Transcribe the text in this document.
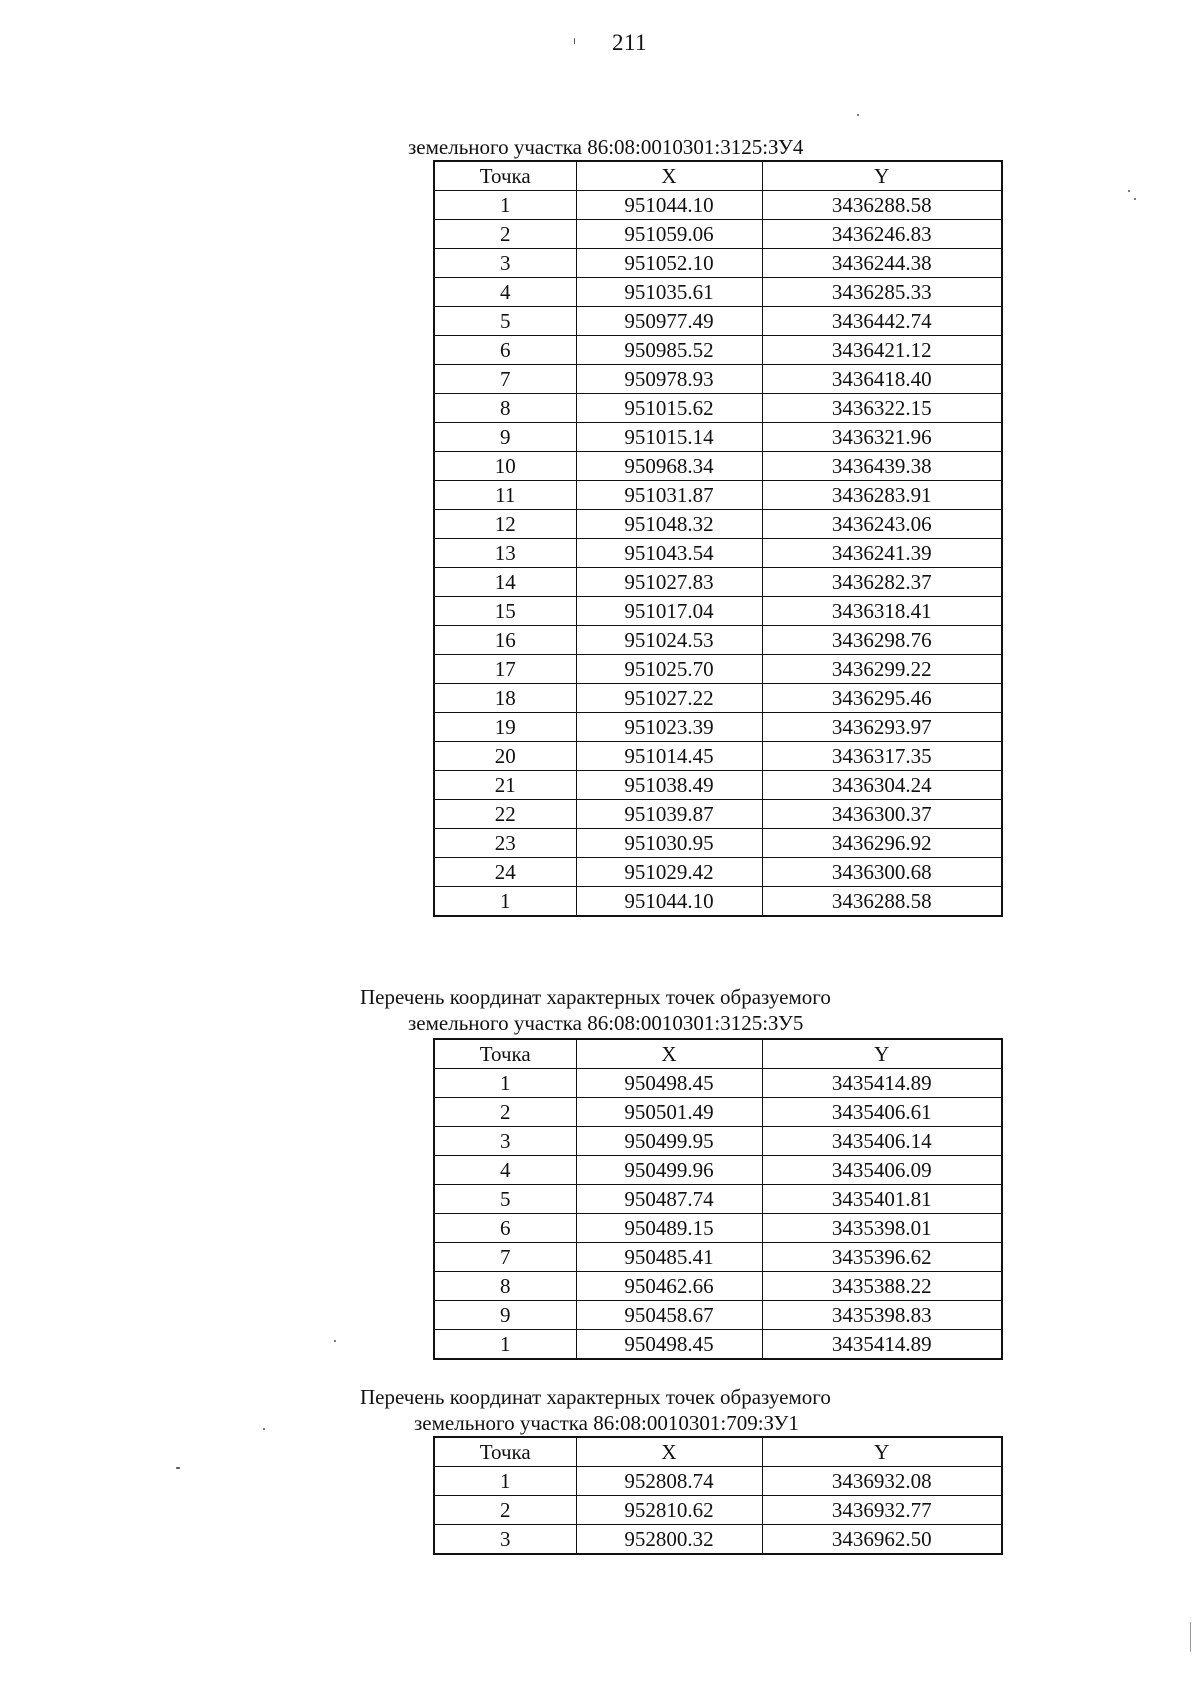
211
земельного участка 86:08:0010301:3125:ЗУ4
Точка	X	Y
1	951044.10	3436288.58
2	951059.06	3436246.83
3	951052.10	3436244.38
4	951035.61	3436285.33
5	950977.49	3436442.74
6	950985.52	3436421.12
7	950978.93	3436418.40
8	951015.62	3436322.15
9	951015.14	3436321.96
10	950968.34	3436439.38
11	951031.87	3436283.91
12	951048.32	3436243.06
13	951043.54	3436241.39
14	951027.83	3436282.37
15	951017.04	3436318.41
16	951024.53	3436298.76
17	951025.70	3436299.22
18	951027.22	3436295.46
19	951023.39	3436293.97
20	951014.45	3436317.35
21	951038.49	3436304.24
22	951039.87	3436300.37
23	951030.95	3436296.92
24	951029.42	3436300.68
1	951044.10	3436288.58
Перечень координат характерных точек образуемого
земельного участка 86:08:0010301:3125:ЗУ5
Точка	X	Y
1	950498.45	3435414.89
2	950501.49	3435406.61
3	950499.95	3435406.14
4	950499.96	3435406.09
5	950487.74	3435401.81
6	950489.15	3435398.01
7	950485.41	3435396.62
8	950462.66	3435388.22
9	950458.67	3435398.83
1	950498.45	3435414.89
Перечень координат характерных точек образуемого
земельного участка 86:08:0010301:709:ЗУ1
Точка	X	Y
1	952808.74	3436932.08
2	952810.62	3436932.77
3	952800.32	3436962.50
